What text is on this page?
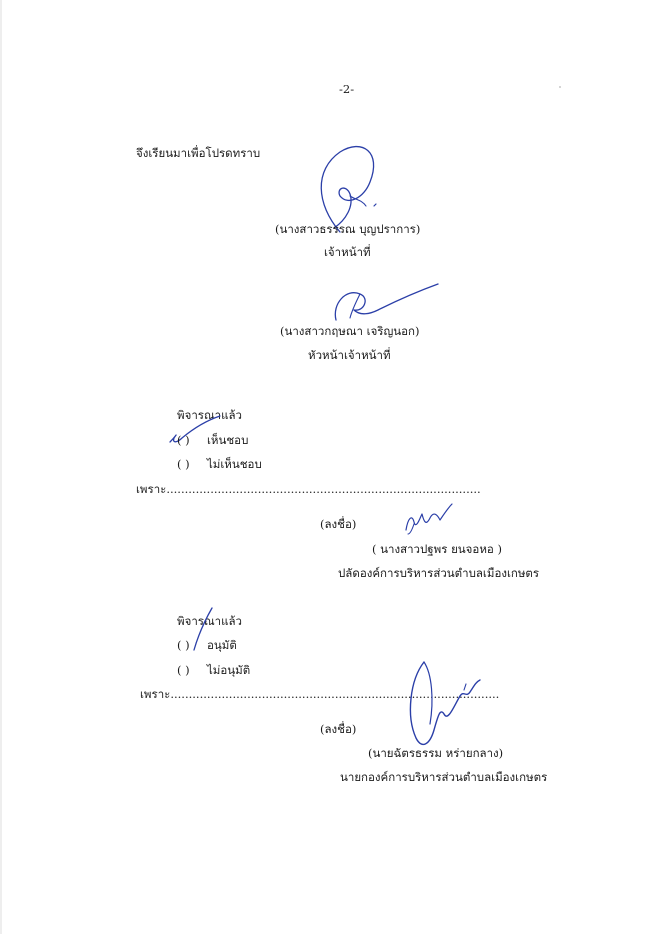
-2-
จึงเรียนมาเพื่อโปรดทราบ
(นางสาวธรรรณ บุญปราการ)
เจ้าหน้าที่
(นางสาวกฤษณา เจริญนอก)
หัวหน้าเจ้าหน้าที่
พิจารณาแล้ว
( ) เห็นชอบ
( ) ไม่เห็นชอบ
เพราะ......................................................................................
(ลงชื่อ)
( นางสาวปฐพร ยนจอหอ )
ปลัดองค์การบริหารส่วนตำบลเมืองเกษตร
พิจารณาแล้ว
( ) อนุมัติ
( ) ไม่อนุมัติ
เพราะ..........................................................................................
(ลงชื่อ)
(นายฉัตรธรรม หร่ายกลาง)
นายกองค์การบริหารส่วนตำบลเมืองเกษตร
